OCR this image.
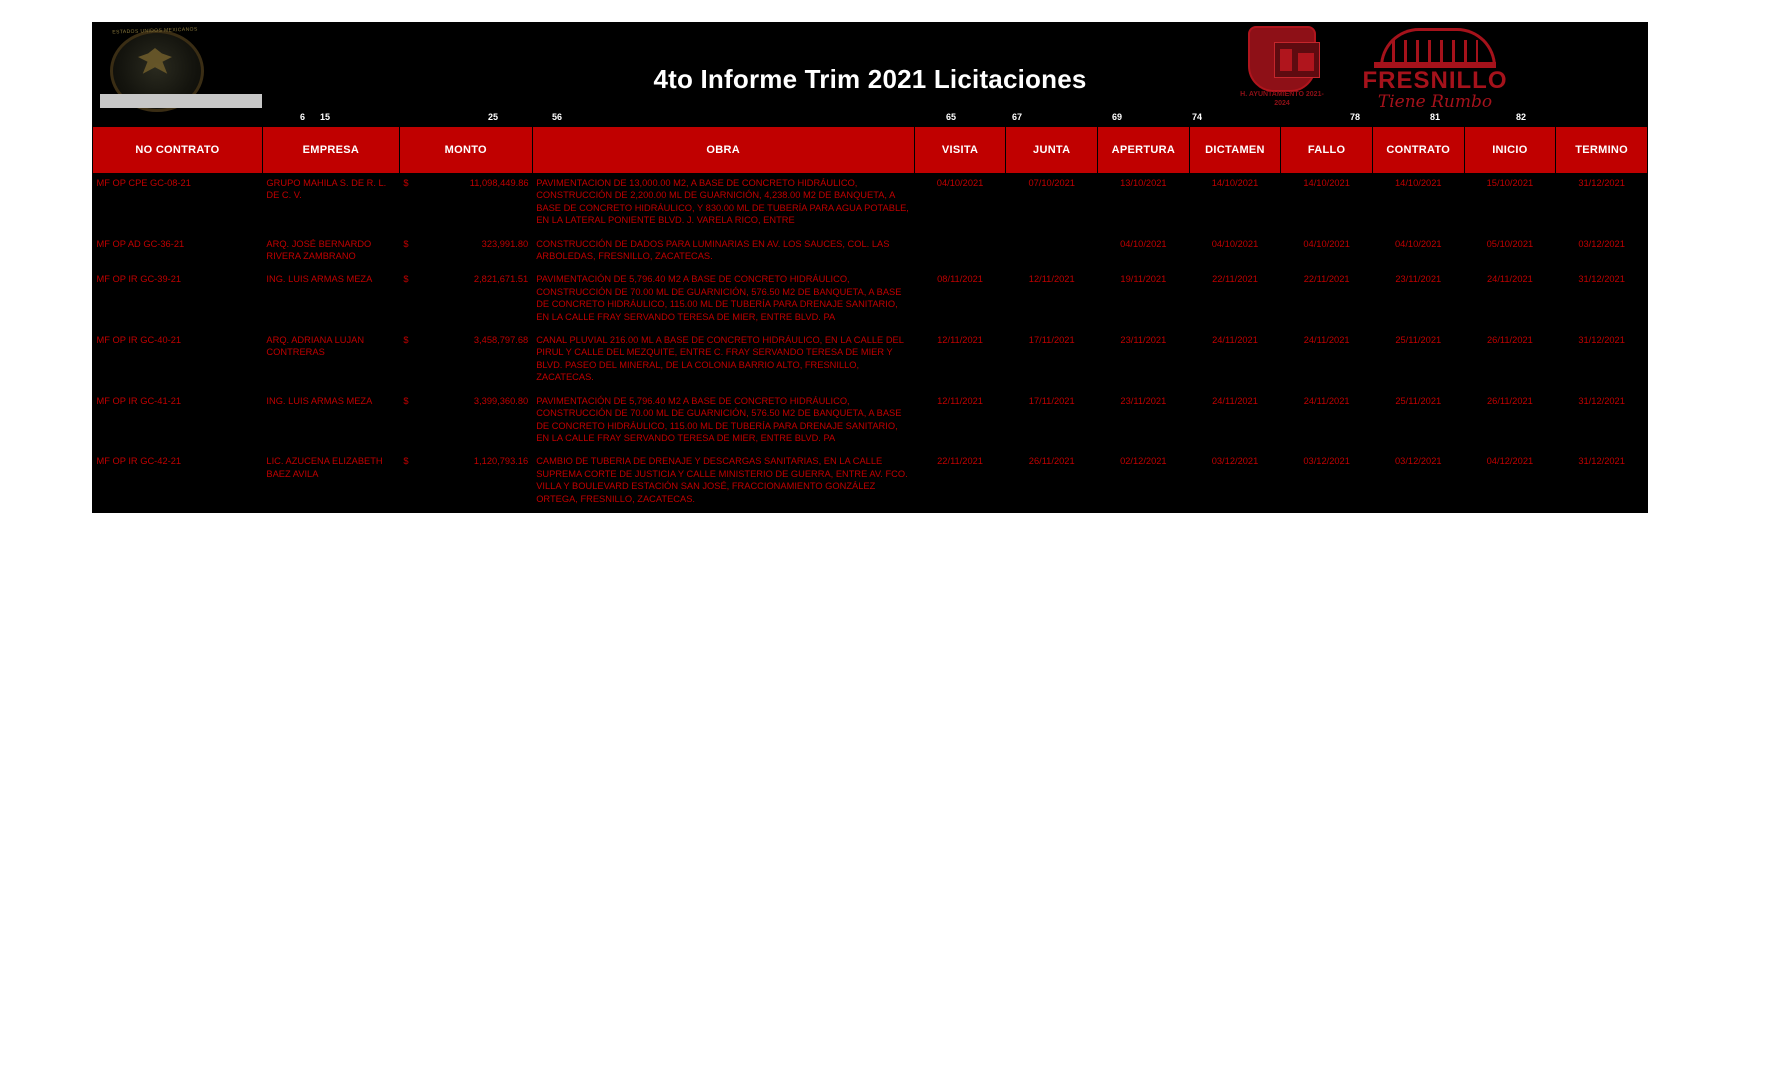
ESTADOS UNIDOS MEXICANOS
4to Informe Trim 2021 Licitaciones
H. AYUNTAMIENTO 2021-2024
FRESNILLO
Tiene Rumbo
6 15	25	56	65	67	69	74	78	81	82
NO CONTRATO	EMPRESA	MONTO		OBRA	VISITA	JUNTA	APERTURA	DICTAMEN	FALLO	CONTRATO	INICIO	TERMINO
MF OP CPE GC-08-21	GRUPO MAHILA S. DE R. L. DE C. V.	$	11,098,449.86	PAVIMENTACION DE 13,000.00 M2, A BASE DE CONCRETO HIDRÁULICO, CONSTRUCCIÓN DE 2,200.00 ML DE GUARNICIÓN, 4,238.00 M2 DE BANQUETA, A BASE DE CONCRETO HIDRÁULICO, Y 830.00 ML DE TUBERÍA PARA AGUA POTABLE, EN LA LATERAL PONIENTE BLVD. J. VARELA RICO, ENTRE	04/10/2021	07/10/2021	13/10/2021	14/10/2021	14/10/2021	14/10/2021	15/10/2021	31/12/2021
MF OP AD GC-36-21	ARQ. JOSÉ BERNARDO RIVERA ZAMBRANO	$	323,991.80	CONSTRUCCIÓN DE DADOS PARA LUMINARIAS EN AV. LOS SAUCES, COL. LAS ARBOLEDAS, FRESNILLO, ZACATECAS.			04/10/2021	04/10/2021	04/10/2021	04/10/2021	05/10/2021	03/12/2021
MF OP IR GC-39-21	ING. LUIS ARMAS MEZA	$	2,821,671.51	PAVIMENTACIÓN DE 5,796.40 M2 A BASE DE CONCRETO HIDRÁULICO, CONSTRUCCIÓN DE 70.00 ML DE GUARNICIÓN, 576.50 M2 DE BANQUETA, A BASE DE CONCRETO HIDRÁULICO, 115.00 ML DE TUBERÍA PARA DRENAJE SANITARIO, EN LA CALLE FRAY SERVANDO TERESA DE MIER, ENTRE BLVD. PA	08/11/2021	12/11/2021	19/11/2021	22/11/2021	22/11/2021	23/11/2021	24/11/2021	31/12/2021
MF OP IR GC-40-21	ARQ. ADRIANA LUJAN CONTRERAS	$	3,458,797.68	CANAL PLUVIAL 216.00 ML A BASE DE CONCRETO HIDRÁULICO, EN LA CALLE DEL PIRUL Y CALLE DEL MEZQUITE, ENTRE C. FRAY SERVANDO TERESA DE MIER Y BLVD. PASEO DEL MINERAL, DE LA COLONIA BARRIO ALTO, FRESNILLO, ZACATECAS.	12/11/2021	17/11/2021	23/11/2021	24/11/2021	24/11/2021	25/11/2021	26/11/2021	31/12/2021
MF OP IR GC-41-21	ING. LUIS ARMAS MEZA	$	3,399,360.80	PAVIMENTACIÓN DE 5,796.40 M2 A BASE DE CONCRETO HIDRÁULICO, CONSTRUCCIÓN DE 70.00 ML DE GUARNICIÓN, 576.50 M2 DE BANQUETA, A BASE DE CONCRETO HIDRÁULICO, 115.00 ML DE TUBERÍA PARA DRENAJE SANITARIO, EN LA CALLE FRAY SERVANDO TERESA DE MIER, ENTRE BLVD. PA	12/11/2021	17/11/2021	23/11/2021	24/11/2021	24/11/2021	25/11/2021	26/11/2021	31/12/2021
MF OP IR GC-42-21	LIC. AZUCENA ELIZABETH BAEZ AVILA	$	1,120,793.16	CAMBIO DE TUBERIA DE DRENAJE Y DESCARGAS SANITARIAS, EN LA CALLE SUPREMA CORTE DE JUSTICIA Y CALLE MINISTERIO DE GUERRA, ENTRE AV. FCO. VILLA Y BOULEVARD ESTACIÓN SAN JOSÉ, FRACCIONAMIENTO GONZÁLEZ ORTEGA, FRESNILLO, ZACATECAS.	22/11/2021	26/11/2021	02/12/2021	03/12/2021	03/12/2021	03/12/2021	04/12/2021	31/12/2021
